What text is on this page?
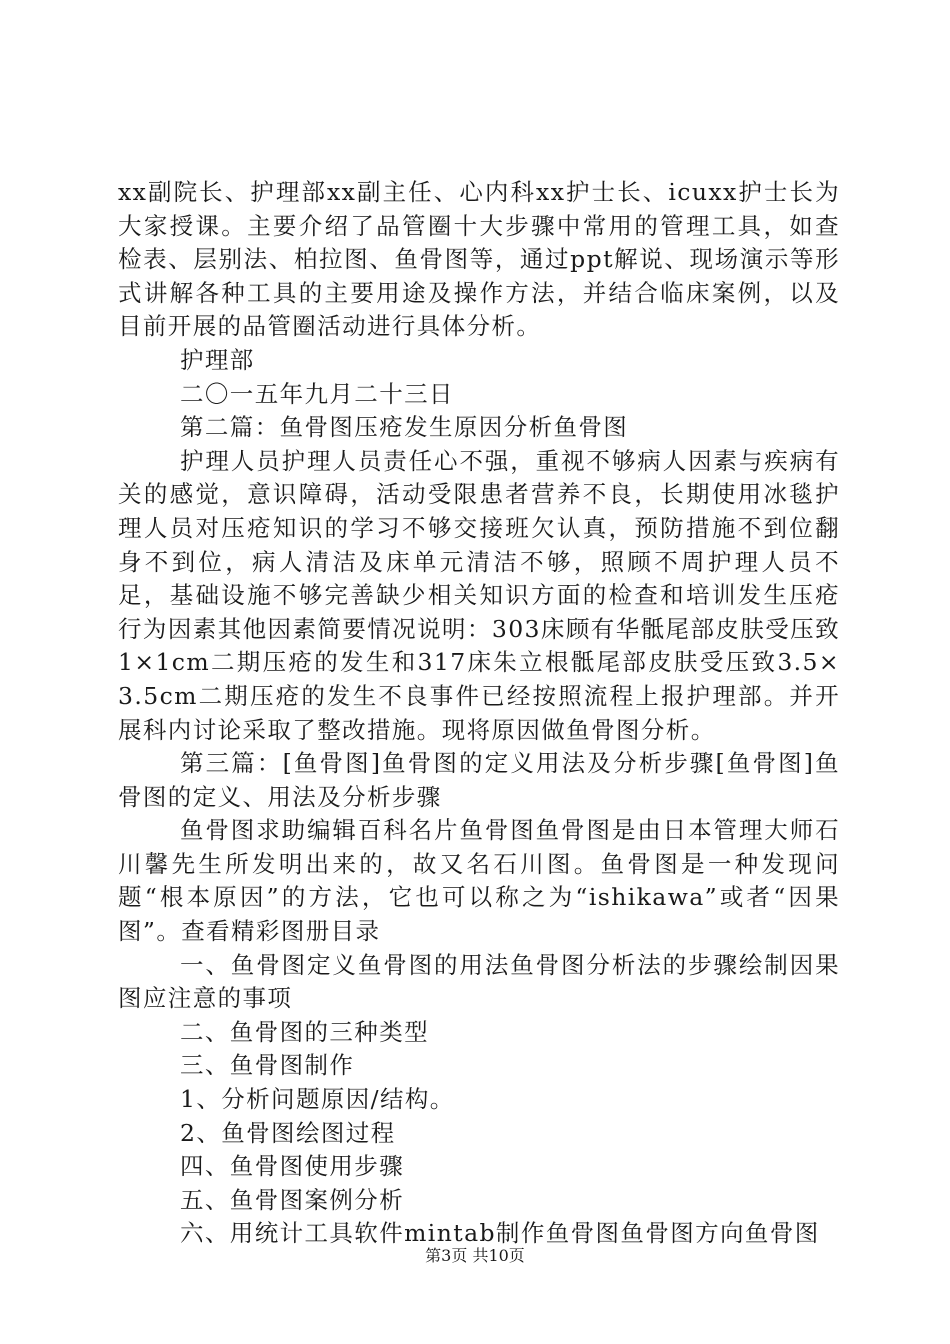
xx副院长、护理部xx副主任、心内科xx护士长、icuxx护士长为大家授课。主要介绍了品管圈十大步骤中常用的管理工具，如查检表、层别法、柏拉图、鱼骨图等，通过ppt解说、现场演示等形式讲解各种工具的主要用途及操作方法，并结合临床案例，以及目前开展的品管圈活动进行具体分析。

护理部

二〇一五年九月二十三日

第二篇：鱼骨图压疮发生原因分析鱼骨图

护理人员护理人员责任心不强，重视不够病人因素与疾病有关的感觉，意识障碍，活动受限患者营养不良，长期使用冰毯护理人员对压疮知识的学习不够交接班欠认真，预防措施不到位翻身不到位，病人清洁及床单元清洁不够，照顾不周护理人员不足，基础设施不够完善缺少相关知识方面的检查和培训发生压疮行为因素其他因素简要情况说明：303床顾有华骶尾部皮肤受压致1×1cm二期压疮的发生和317床朱立根骶尾部皮肤受压致3.5×3.5cm二期压疮的发生不良事件已经按照流程上报护理部。并开展科内讨论采取了整改措施。现将原因做鱼骨图分析。

第三篇：[鱼骨图]鱼骨图的定义用法及分析步骤[鱼骨图]鱼骨图的定义、用法及分析步骤

鱼骨图求助编辑百科名片鱼骨图鱼骨图是由日本管理大师石川馨先生所发明出来的，故又名石川图。鱼骨图是一种发现问题“根本原因”的方法，它也可以称之为“ishikawa”或者“因果图”。查看精彩图册目录

一、鱼骨图定义鱼骨图的用法鱼骨图分析法的步骤绘制因果图应注意的事项

二、鱼骨图的三种类型

三、鱼骨图制作

1、分析问题原因/结构。

2、鱼骨图绘图过程

四、鱼骨图使用步骤

五、鱼骨图案例分析

六、用统计工具软件mintab制作鱼骨图鱼骨图方向鱼骨图

第3页 共10页
